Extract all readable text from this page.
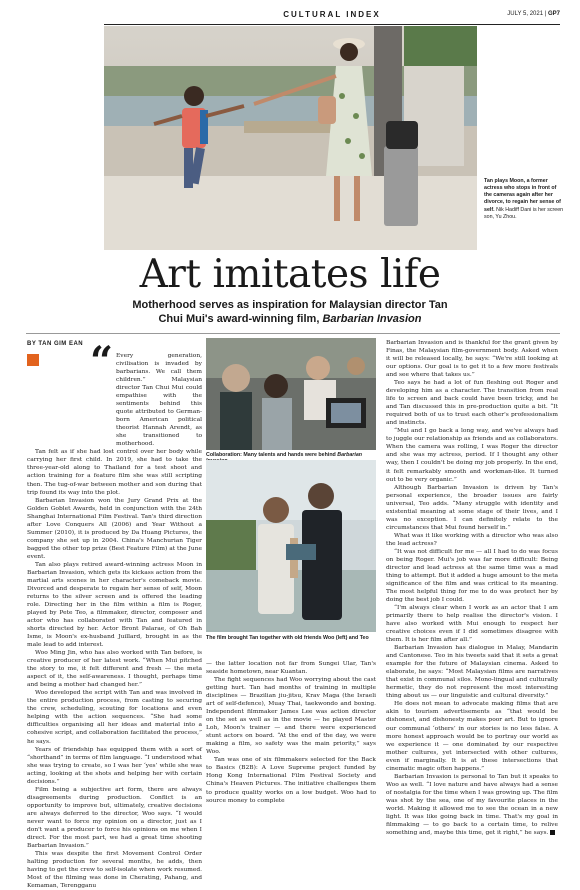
CULTURAL INDEX	JULY 5, 2021 | GP7
Tan plays Moon, a former actress who stops in front of the cameras again after her divorce, to regain her sense of self. Nik Hadiff Dani is her screen son, Yu Zhou.
Art imitates life
Motherhood serves as inspiration for Malaysian director Tan Chui Mui's award-winning film, Barbarian Invasion
BY TAN GIM EAN “ Every generation, civilisation is invaded by barbarians. We call them children.” Malaysian director Tan Chui Mui could empathise with the sentiments behind this quote attributed to German-born American political theorist Hannah Arendt, as she transitioned to motherhood.

Tan felt as if she had lost control over her body while carrying her first child. In 2019, she had to take the three-year-old along to Thailand for a test shoot and action training for a feature film she was still scripting then. The tug-of-war between mother and son during that trip found its way into the plot.

Barbarian Invasion won the Jury Grand Prix at the Golden Goblet Awards, held in conjunction with the 24th Shanghai International Film Festival. Tan's third direction after Love Conquers All (2006) and Year Without a Summer (2010), it is produced by Da Huang Pictures, the company she set up in 2004. China's Manchurian Tiger bagged the other top prize (Best Feature Film) at the June event.

Tan also plays retired award-winning actress Moon in Barbarian Invasion, which gets its kickass action from the martial arts scenes in her character's comeback movie. Divorced and desperate to regain her sense of self, Moon returns to the silver screen and is offered the leading role. Directing her in the film within a film is Roger, played by Pete Teo, a filmmaker, director, composer and actor who has collaborated with Tan and featured in shorts directed by her. Actor Bront Palarae, of Oh Bah Isme, is Moon's ex-husband Juillard, brought in as the male lead to add interest.

Woo Ming Jin, who has also worked with Tan before, is creative producer of her latest work. “When Mui pitched the story to me, it felt different and fresh — the meta aspect of it, the self-awareness. I thought, perhaps time and being a mother had changed her.”

Woo developed the script with Tan and was involved in the entire production process, from casting to securing the crew, scheduling, scouting for locations and even helping with the action sequences. “She had some difficulties organising all her ideas and material into a cohesive script, and collaboration facilitated the process,” he says.

Years of friendship has equipped them with a sort of “shorthand” in terms of film language. “I understood what she was trying to create, so I was her ‘yes’ while she was acting, looking at the shots and helping her with certain decisions.”

Film being a subjective art form, there are always disagreements during production. Conflict is an opportunity to improve but, ultimately, creative decisions are always deferred to the director, Woo says. “I would never want to force my opinion on a director, just as I don't want a producer to force his opinions on me when I direct. For the most part, we had a great time shooting Barbarian Invasion.”

This was despite the first Movement Control Order halting production for several months, he adds, then having to get the crew to self-isolate when work resumed. Most of the filming was done in Cherating, Pahang, and Kemaman, Terengganu

Collaboration: Many talents and hands were behind Barbarian
The film brought Tan together with old friends Woo (left) and Teo

— the latter location not far from Sungei Ular, Tan's seaside hometown, near Kuantan.

The fight sequences had Woo worrying about the cast getting hurt. Tan had months of training in multiple disciplines — Brazilian jiu-jitsu, Krav Maga (the Israeli art of self-defence), Muay Thai, taekwondo and boxing. Independent filmmaker James Lee was action director on the set as well as in the movie — he played Master Loh, Moon's trainer — and there were experienced stunt actors on board. “At the end of the day, we were making a film, so safety was the main priority,” says Woo.

Tan was one of six filmmakers selected for the Back to Basics (B2B): A Love Supreme project funded by Hong Kong International Film Festival Society and China's Heaven Pictures. The initiative challenges them to produce quality works on a low budget. Woo had to source money to complete

Barbarian Invasion and is thankful for the grant given by Finas, the Malaysian film-government body. Asked when it will be released locally, he says: “We're still looking at our options. Our goal is to get it to a few more festivals and see where that takes us.”

Teo says he had a lot of fun fleshing out Roger and developing him as a character. The transition from real life to screen and back could have been tricky, and he and Tan discussed this in pre-production quite a bit. “It required both of us to trust each other's professionalism and instincts.

“Mui and I go back a long way, and we've always had to juggle our relationship as friends and as collaborators. When the camera was rolling, I was Roger the director and she was my actress, period. If I thought any other way, then I couldn't be doing my job properly. In the end, it felt remarkably smooth and workman-like. It turned out to be very organic.”

Although Barbarian Invasion is driven by Tan's personal experience, the broader issues are fairly universal, Teo adds. “Many struggle with identity and existential meaning at some stage of their lives, and I was no exception. I can definitely relate to the circumstances that Mui found herself in.”

What was it like working with a director who was also the lead actress?

“It was not difficult for me — all I had to do was focus on being Roger. Mui's job was far more difficult: Being director and lead actress at the same time was a mad thing to attempt. But it added a huge amount to the meta significance of the film and was critical to its meaning. The most helpful thing for me to do was protect her by doing the best job I could.

“I'm always clear when I work as an actor that I am primarily there to help realise the director's vision. I have also worked with Mui enough to respect her creative choices even if I did sometimes disagree with them. It is her film after all.”

Barbarian Invasion has dialogue in Malay, Mandarin and Cantonese. Teo in his tweets said that it sets a great example for the future of Malaysian cinema. Asked to elaborate, he says: “Most Malaysian films are narratives that exist in communal silos. Mono-lingual and culturally hermetic, they do not represent the most interesting thing about us — our linguistic and cultural diversity.”

He does not mean to advocate making films that are akin to tourism advertisements as “that would be dishonest, and dishonesty makes poor art. But to ignore our communal ‘others’ in our stories is no less false. A more honest approach would be to portray our world as we experience it — one dominated by our respective mother cultures, yet intersected with other cultures, even if marginally. It is at these intersections that cinematic magic often happens.”

Barbarian Invasion is personal to Tan but it speaks to Woo as well. “I love nature and have always had a sense of nostalgia for the time when I was growing up. The film was shot by the sea, one of my favourite places in the world. Making it allowed me to see the ocean in a new light. It was like going back in time. That's my goal in filmmaking — to go back to a certain time, to relive something and, maybe this time, get it right,” he says.
